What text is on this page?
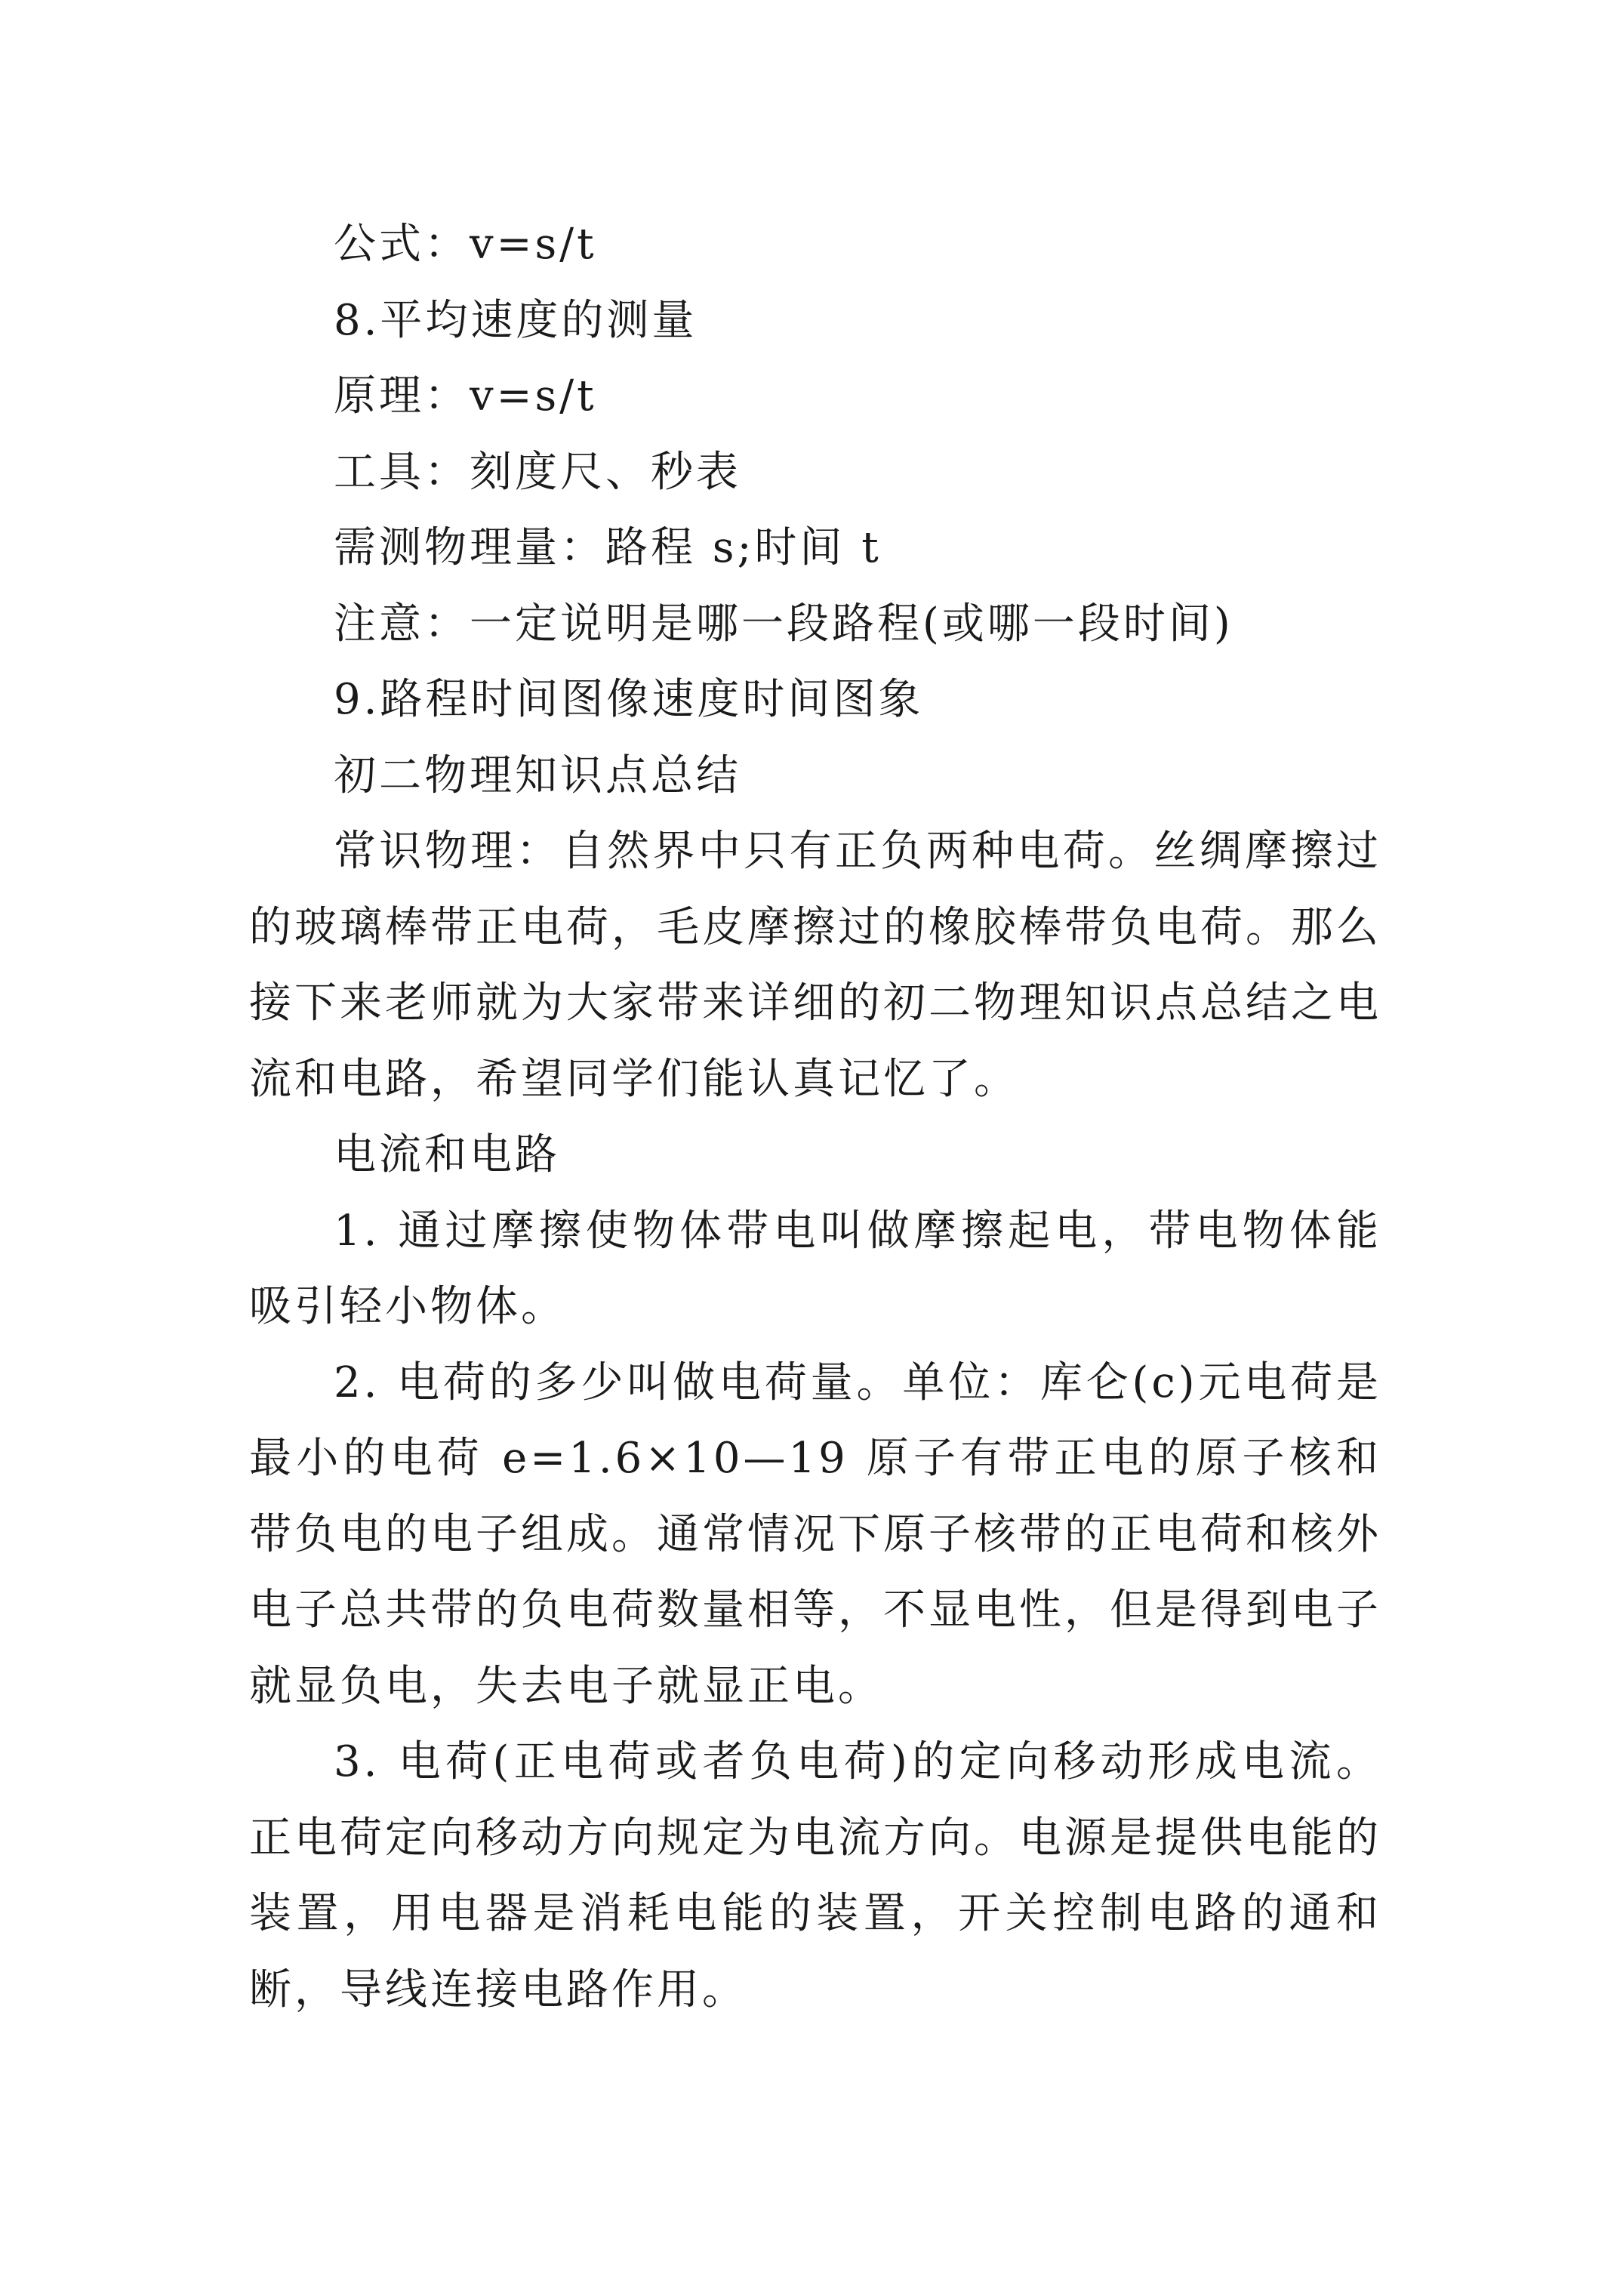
公式：v=s/t

8.平均速度的测量

原理：v=s/t

工具：刻度尺、秒表

需测物理量：路程 s;时间 t

注意：一定说明是哪一段路程(或哪一段时间)

9.路程时间图像速度时间图象

初二物理知识点总结

常识物理：自然界中只有正负两种电荷。丝绸摩擦过的玻璃棒带正电荷，毛皮摩擦过的橡胶棒带负电荷。那么接下来老师就为大家带来详细的初二物理知识点总结之电流和电路，希望同学们能认真记忆了。

电流和电路

1. 通过摩擦使物体带电叫做摩擦起电，带电物体能吸引轻小物体。

2. 电荷的多少叫做电荷量。单位：库仑(c)元电荷是最小的电荷 e=1.6×10—19 原子有带正电的原子核和带负电的电子组成。通常情况下原子核带的正电荷和核外电子总共带的负电荷数量相等，不显电性，但是得到电子就显负电，失去电子就显正电。

3. 电荷(正电荷或者负电荷)的定向移动形成电流。正电荷定向移动方向规定为电流方向。电源是提供电能的装置，用电器是消耗电能的装置，开关控制电路的通和断，导线连接电路作用。
